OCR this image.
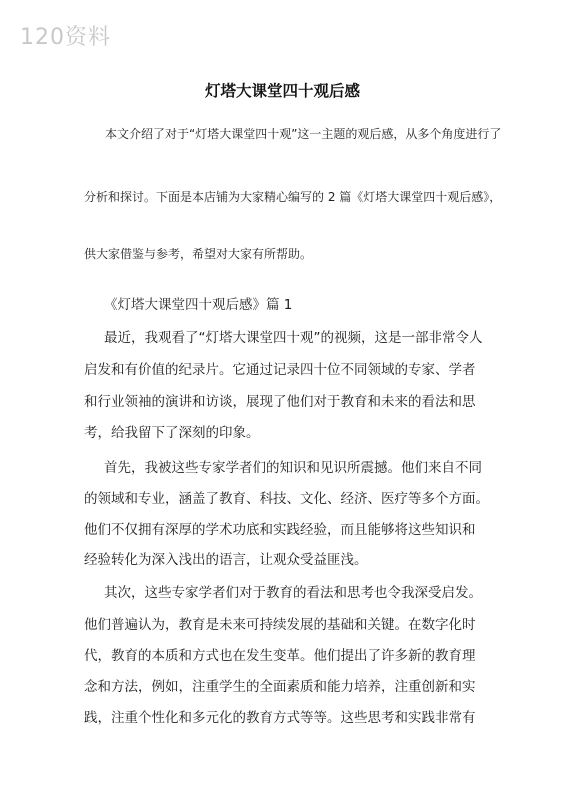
120资料
灯塔大课堂四十观后感
本文介绍了对于“灯塔大课堂四十观”这一主题的观后感，从多个角度进行了
分析和探讨。下面是本店铺为大家精心编写的 2 篇《灯塔大课堂四十观后感》，
供大家借鉴与参考，希望对大家有所帮助。
《灯塔大课堂四十观后感》篇 1
最近，我观看了“灯塔大课堂四十观”的视频，这是一部非常令人
启发和有价值的纪录片。它通过记录四十位不同领域的专家、学者
和行业领袖的演讲和访谈，展现了他们对于教育和未来的看法和思
考，给我留下了深刻的印象。
首先，我被这些专家学者们的知识和见识所震撼。他们来自不同
的领域和专业，涵盖了教育、科技、文化、经济、医疗等多个方面。
他们不仅拥有深厚的学术功底和实践经验，而且能够将这些知识和
经验转化为深入浅出的语言，让观众受益匪浅。
其次，这些专家学者们对于教育的看法和思考也令我深受启发。
他们普遍认为，教育是未来可持续发展的基础和关键。在数字化时
代，教育的本质和方式也在发生变革。他们提出了许多新的教育理
念和方法，例如，注重学生的全面素质和能力培养，注重创新和实
践，注重个性化和多元化的教育方式等等。这些思考和实践非常有
